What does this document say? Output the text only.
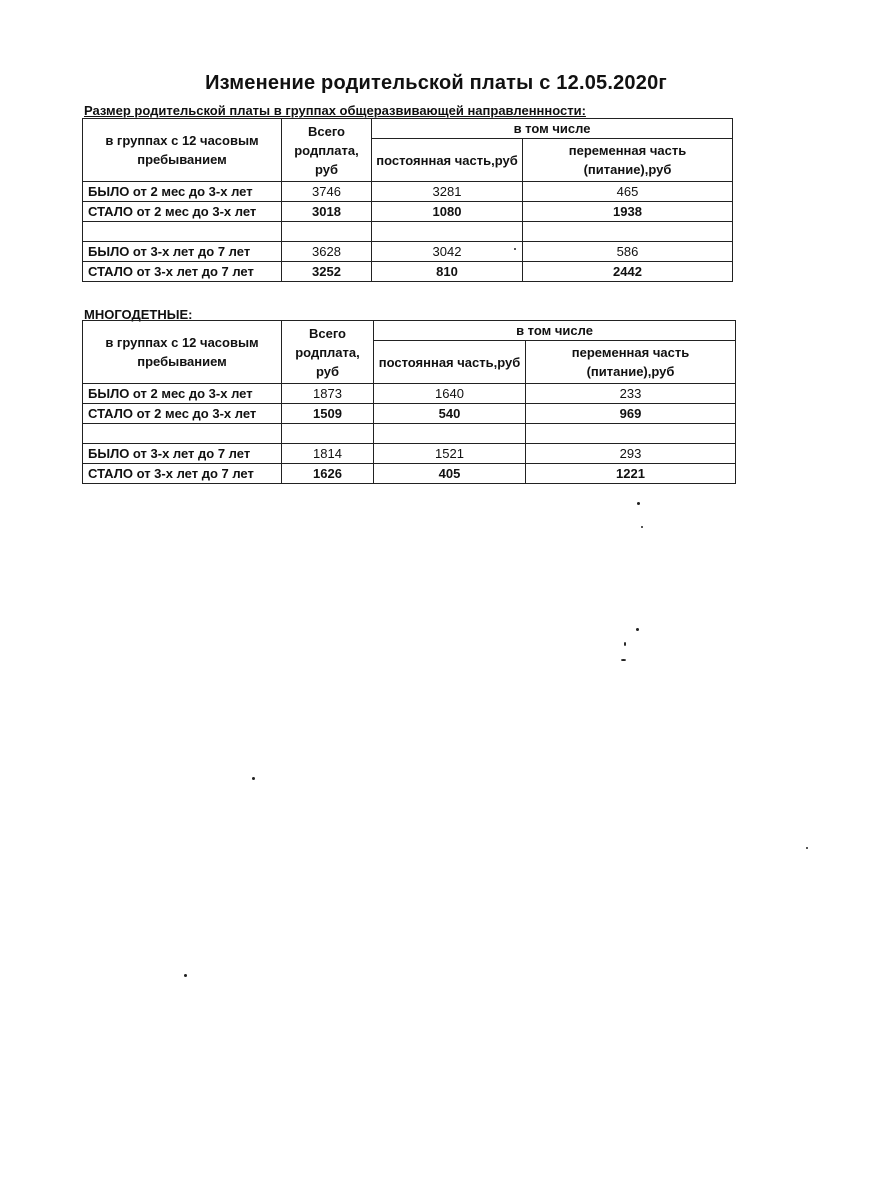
Изменение родительской платы с 12.05.2020г
Размер родительской платы в группах общеразвивающей направленнности:
в группах с 12 часовым пребыванием	Всего родплата, руб	в том числе	
		постоянная часть,руб	переменная часть (питание),руб
БЫЛО от 2 мес до 3-х лет	3746	3281	465
СТАЛО от 2 мес до 3-х лет	3018	1080	1938

БЫЛО от 3-х лет до 7 лет	3628	3042	586
СТАЛО от 3-х лет до 7 лет	3252	810	2442
МНОГОДЕТНЫЕ:
в группах с 12 часовым пребыванием	Всего родплата, руб	в том числе	
		постоянная часть,руб	переменная часть (питание),руб
БЫЛО от 2 мес до 3-х лет	1873	1640	233
СТАЛО от 2 мес до 3-х лет	1509	540	969

БЫЛО от 3-х лет до 7 лет	1814	1521	293
СТАЛО от 3-х лет до 7 лет	1626	405	1221
